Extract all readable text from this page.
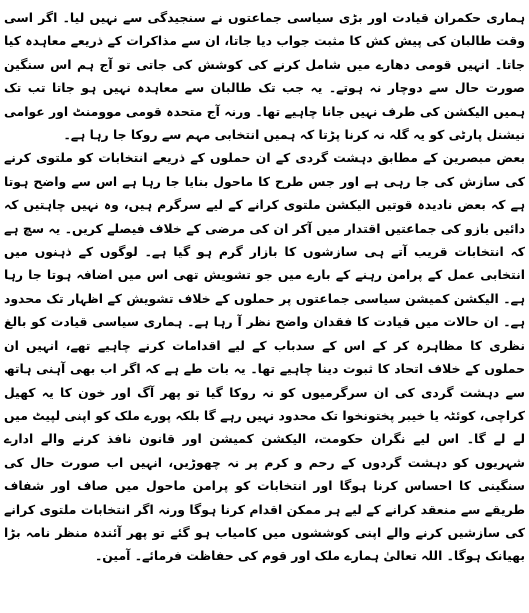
ہماری حکمران قیادت اور بڑی سیاسی جماعتوں نے سنجیدگی سے نہیں لیا۔ اگر اسی وقت طالبان کی پیش کش کا مثبت جواب دیا جاتا، ان سے مذاکرات کے ذریعے معاہدہ کیا جاتا۔ انہیں قومی دھارے میں شامل کرنے کی کوشش کی جاتی تو آج ہم اس سنگین صورت حال سے دوچار نہ ہوتے۔ یہ جب تک طالبان سے معاہدہ نہیں ہو جاتا تب تک ہمیں الیکشن کی طرف نہیں جانا چاہیے تھا۔ ورنہ آج متحدہ قومی موومنٹ اور عوامی نیشنل پارٹی کو یہ گلہ نہ کرنا پڑتا کہ ہمیں انتخابی مہم سے روکا جا رہا ہے۔

بعض مبصرین کے مطابق دہشت گردی کے ان حملوں کے ذریعے انتخابات کو ملتوی کرنے کی سازش کی جا رہی ہے اور جس طرح کا ماحول بنایا جا رہا ہے اس سے واضح ہوتا ہے کہ بعض نادیدہ قوتیں الیکشن ملتوی کرانے کے لیے سرگرم ہیں، وہ نہیں چاہتیں کہ دائیں بازو کی جماعتیں اقتدار میں آکر ان کی مرضی کے خلاف فیصلے کریں۔ یہ سچ ہے کہ انتخابات قریب آتے ہی سازشوں کا بازار گرم ہو گیا ہے۔ لوگوں کے ذہنوں میں انتخابی عمل کے پرامن رہنے کے بارے میں جو تشویش تھی اس میں اضافہ ہوتا جا رہا ہے۔ الیکشن کمیشن سیاسی جماعتوں پر حملوں کے خلاف تشویش کے اظہار تک محدود ہے۔ ان حالات میں قیادت کا فقدان واضح نظر آ رہا ہے۔ ہماری سیاسی قیادت کو بالغ نظری کا مظاہرہ کر کے اس کے سدباب کے لیے اقدامات کرنے چاہیے تھے، انہیں ان حملوں کے خلاف اتحاد کا ثبوت دینا چاہیے تھا۔ یہ بات طے ہے کہ اگر اب بھی آہنی ہاتھ سے دہشت گردی کی ان سرگرمیوں کو نہ روکا گیا تو پھر آگ اور خون کا یہ کھیل کراچی، کوئٹہ یا خیبر پختونخوا تک محدود نہیں رہے گا بلکہ پورے ملک کو اپنی لپیٹ میں لے لے گا۔ اس لیے نگران حکومت، الیکشن کمیشن اور قانون نافذ کرنے والے ادارے شہریوں کو دہشت گردوں کے رحم و کرم پر نہ چھوڑیں، انہیں اب صورت حال کی سنگینی کا احساس کرنا ہوگا اور انتخابات کو پرامن ماحول میں صاف اور شفاف طریقے سے منعقد کرانے کے لیے ہر ممکن اقدام کرنا ہوگا ورنہ اگر انتخابات ملتوی کرانے کی سازشیں کرنے والے اپنی کوششوں میں کامیاب ہو گئے تو پھر آئندہ منظر نامہ بڑا بھیانک ہوگا۔ اللہ تعالیٰ ہمارے ملک اور قوم کی حفاظت فرمائے۔ آمین۔
